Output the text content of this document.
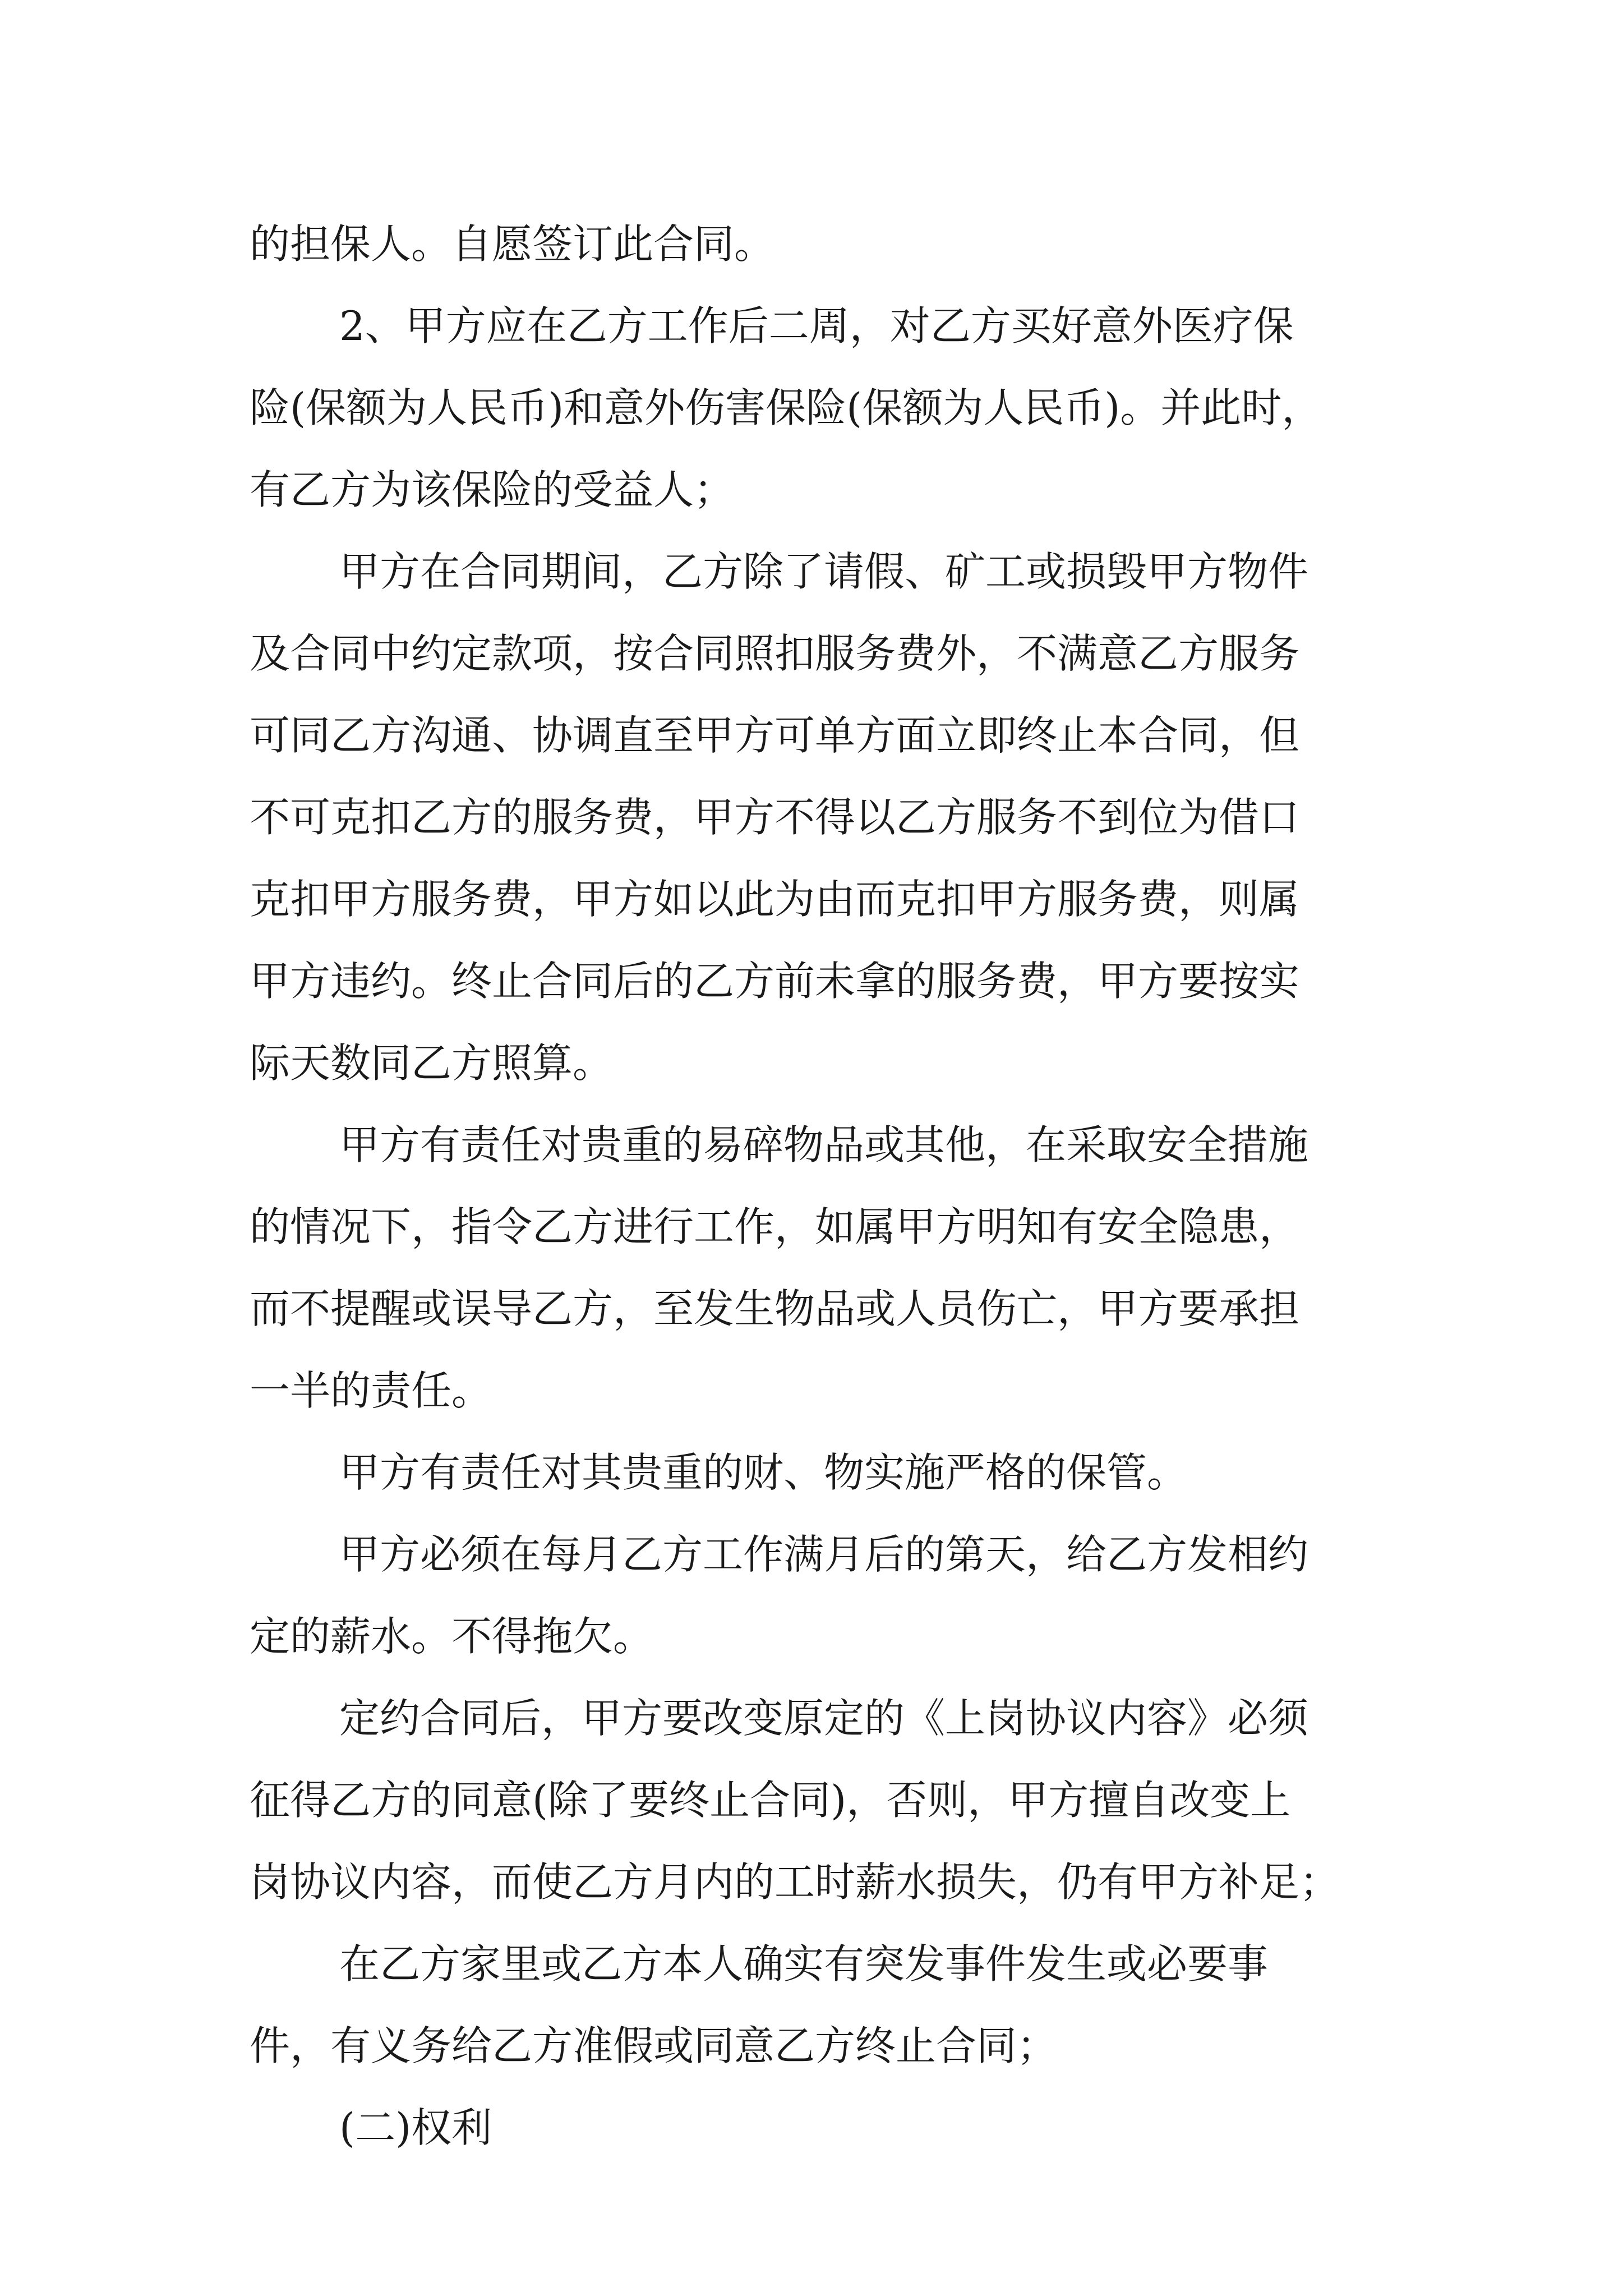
的担保人。自愿签订此合同。
2、甲方应在乙方工作后二周，对乙方买好意外医疗保
险(保额为人民币)和意外伤害保险(保额为人民币)。并此时，
有乙方为该保险的受益人；
甲方在合同期间，乙方除了请假、矿工或损毁甲方物件
及合同中约定款项，按合同照扣服务费外，不满意乙方服务
可同乙方沟通、协调直至甲方可单方面立即终止本合同，但
不可克扣乙方的服务费，甲方不得以乙方服务不到位为借口
克扣甲方服务费，甲方如以此为由而克扣甲方服务费，则属
甲方违约。终止合同后的乙方前未拿的服务费，甲方要按实
际天数同乙方照算。
甲方有责任对贵重的易碎物品或其他，在采取安全措施
的情况下，指令乙方进行工作，如属甲方明知有安全隐患，
而不提醒或误导乙方，至发生物品或人员伤亡，甲方要承担
一半的责任。
甲方有责任对其贵重的财、物实施严格的保管。
甲方必须在每月乙方工作满月后的第天，给乙方发相约
定的薪水。不得拖欠。
定约合同后，甲方要改变原定的《上岗协议内容》必须
征得乙方的同意(除了要终止合同)，否则，甲方擅自改变上
岗协议内容，而使乙方月内的工时薪水损失，仍有甲方补足；
在乙方家里或乙方本人确实有突发事件发生或必要事
件，有义务给乙方准假或同意乙方终止合同；
(二)权利
